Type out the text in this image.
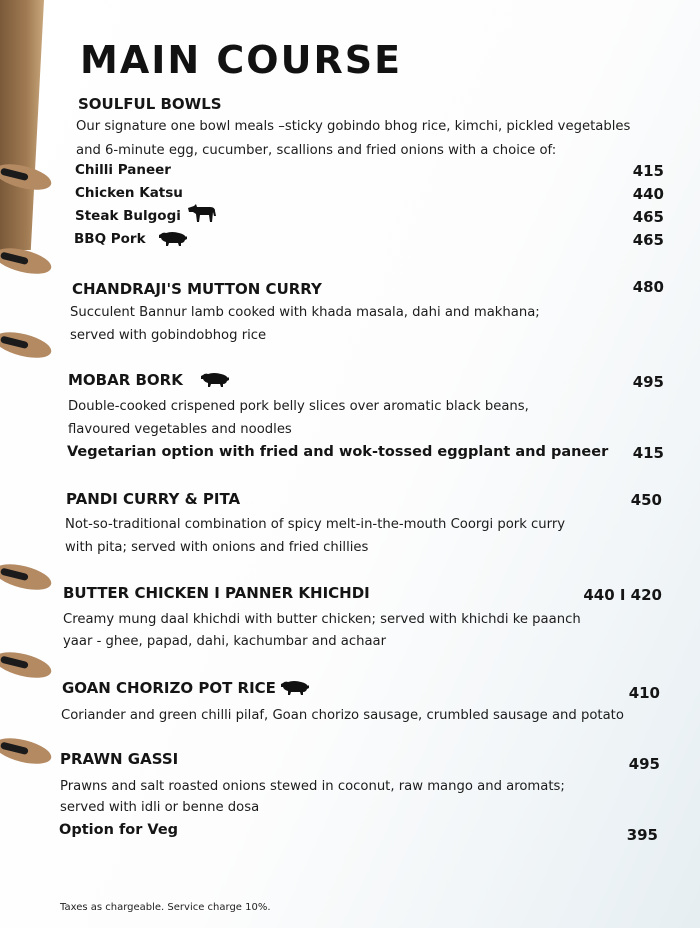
MAIN COURSE
SOULFUL BOWLS
Our signature one bowl meals –sticky gobindo bhog rice, kimchi, pickled vegetables
and 6-minute egg, cucumber, scallions and fried onions with a choice of:
Chilli Paneer	415
Chicken Katsu	440
Steak Bulgogi	465
BBQ Pork	465
CHANDRAJI'S MUTTON CURRY	480
Succulent Bannur lamb cooked with khada masala, dahi and makhana;
served with gobindobhog rice
MOBAR BORK	495
Double-cooked crispened pork belly slices over aromatic black beans,
flavoured vegetables and noodles
Vegetarian option with fried and wok-tossed eggplant and paneer 415
PANDI CURRY & PITA	450
Not-so-traditional combination of spicy melt-in-the-mouth Coorgi pork curry
with pita; served with onions and fried chillies
BUTTER CHICKEN I PANNER KHICHDI	440 I 420
Creamy mung daal khichdi with butter chicken; served with khichdi ke paanch
yaar - ghee, papad, dahi, kachumbar and achaar
GOAN CHORIZO POT RICE	410
Coriander and green chilli pilaf, Goan chorizo sausage, crumbled sausage and potato
PRAWN GASSI	495
Prawns and salt roasted onions stewed in coconut, raw mango and aromats;
served with idli or benne dosa
Option for Veg	395
Taxes as chargeable. Service charge 10%.
